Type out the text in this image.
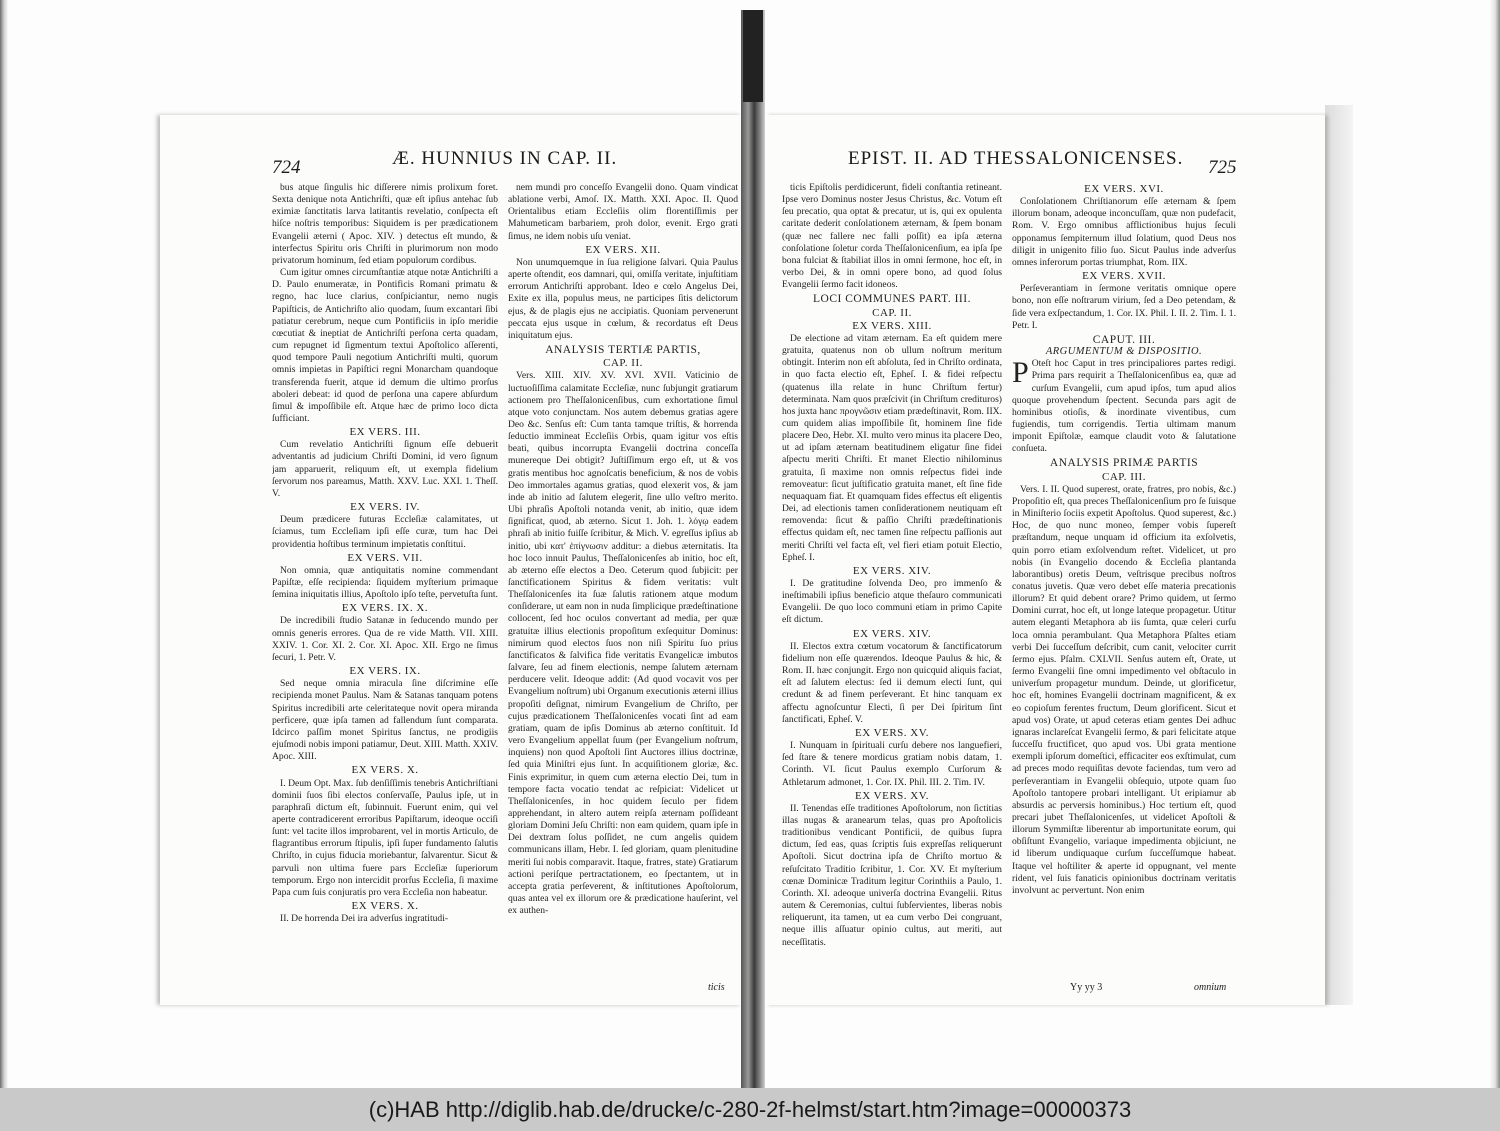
724	Æ. HUNNIUS IN CAP. II.	EPIST. II. AD THESSALONICENSES. 725

bus atque ſingulis hic diſſerere nimis prolixum foret. Sexta denique nota Antichriſti, quæ eſt ipſius antehac ſub eximiæ ſanctitatis larva latitantis revelatio, conſpecta eſt hiſce noſtris temporibus: Siquidem is per prædicationem Evangelii æterni ( Apoc. XIV. ) detectus eſt mundo, & interfectus Spiritu oris Chriſti in plurimorum non modo privatorum hominum, ſed etiam populorum cordibus.

Cum igitur omnes circumſtantiæ atque notæ Antichriſti a D. Paulo enumeratæ, in Pontificis Romani primatu & regno, hac luce clarius, conſpiciantur, nemo nugis Papiſticis, de Antichriſto alio quodam, ſuum excantari ſibi patiatur cerebrum, neque cum Pontificiis in ipſo meridie cœcutiat & ineptiat de Antichriſti perſona certa quadam, cum repugnet id ſigmentum textui Apoſtolico aſſerenti, quod tempore Pauli negotium Antichriſti multi, quorum omnis impietas in Papiſtici regni Monarcham quandoque transferenda fuerit, atque id demum die ultimo prorſus aboleri debeat: id quod de perſona una capere abſurdum ſimul & impoſſibile eſt. Atque hæc de primo loco dicta ſufficiant.

EX VERS. III.

Cum revelatio Antichriſti ſignum eſſe debuerit adventantis ad judicium Chriſti Domini, id vero ſignum jam apparuerit, reliquum eſt, ut exempla fidelium ſervorum nos pareamus, Matth. XXV. Luc. XXI. 1. Theſſ. V.

EX VERS. IV.

Deum prædicere futuras Eccleſiæ calamitates, ut ſciamus, tum Eccleſiam ipſi eſſe curæ, tum hac Dei providentia hoſtibus terminum impietatis conſtitui.

EX VERS. VII.

Non omnia, quæ antiquitatis nomine commendant Papiſtæ, eſſe recipienda: ſiquidem myſterium primaque ſemina iniquitatis illius, Apoſtolo ipſo teſte, pervetuſta ſunt.

EX VERS. IX. X.

De incredibili ſtudio Satanæ in ſeducendo mundo per omnis generis errores. Qua de re vide Matth. VII. XIII. XXIV. 1. Cor. XI. 2. Cor. XI. Apoc. XII. Ergo ne ſimus ſecuri, 1. Petr. V.

EX VERS. IX.

Sed neque omnia miracula ſine diſcrimine eſſe recipienda monet Paulus. Nam & Satanas tanquam potens Spiritus incredibili arte celeritateque novit opera miranda perficere, quæ ipſa tamen ad fallendum ſunt comparata. Idcirco paſſim monet Spiritus ſanctus, ne prodigiis ejuſmodi nobis imponi patiamur, Deut. XIII. Matth. XXIV. Apoc. XIII.

EX VERS. X.

I. Deum Opt. Max. ſub denſiſſimis tenebris Antichriſtiani dominii ſuos ſibi electos conſervaſſe, Paulus ipſe, ut in paraphraſi dictum eſt, ſubinnuit. Fuerunt enim, qui vel aperte contradicerent erroribus Papiſtarum, ideoque occiſi ſunt: vel tacite illos improbarent, vel in mortis Articulo, de flagrantibus errorum ſtipulis, ipſi ſuper fundamento ſalutis Chriſto, in cujus fiducia moriebantur, ſalvarentur. Sicut & parvuli non ultima fuere pars Eccleſiæ ſuperiorum temporum. Ergo non intercidit prorſus Eccleſia, ſi maxime Papa cum ſuis conjuratis pro vera Eccleſia non habeatur.

EX VERS. X.

II. De horrenda Dei ira adverſus ingratitudi-

nem mundi pro conceſſo Evangelii dono. Quam vindicat ablatione verbi, Amoſ. IX. Matth. XXI. Apoc. II. Quod Orientalibus etiam Eccleſiis olim florentiſſimis per Mahumeticam barbariem, proh dolor, evenit. Ergo grati ſimus, ne idem nobis uſu veniat.

EX VERS. XII.

Non unumquemque in ſua religione ſalvari. Quia Paulus aperte oſtendit, eos damnari, qui, omiſſa veritate, injuſtitiam errorum Antichriſti approbant. Ideo e cœlo Angelus Dei, Exite ex illa, populus meus, ne participes ſitis delictorum ejus, & de plagis ejus ne accipiatis. Quoniam pervenerunt peccata ejus usque in cœlum, & recordatus eſt Deus iniquitatum ejus.

ANALYSIS TERTIÆ PARTIS,
CAP. II.

Vers. XIII. XIV. XV. XVI. XVII. Vaticinio de luctuoſiſſima calamitate Eccleſiæ, nunc ſubjungit gratiarum actionem pro Theſſalonicenſibus, cum exhortatione ſimul atque voto conjunctam. Nos autem debemus gratias agere Deo &c. Senſus eſt: Cum tanta tamque triſtis, & horrenda ſeductio immineat Eccleſiis Orbis, quam igitur vos eſtis beati, quibus incorrupta Evangelii doctrina conceſſa munereque Dei obtigit? Juſtiſſimum ergo eſt, ut & vos gratis mentibus hoc agnoſcatis beneficium, & nos de vobis Deo immortales agamus gratias, quod elexerit vos, & jam inde ab initio ad ſalutem elegerit, ſine ullo veſtro merito. Ubi phraſis Apoſtoli notanda venit, ab initio, quæ idem ſignificat, quod, ab æterno. Sicut 1. Joh. 1. λόγῳ eadem phraſi ab initio fuiſſe ſcribitur, & Mich. V. egreſſus ipſius ab initio, ubi κατ' ἐπίγνωσιν additur: a diebus æternitatis. Ita hoc loco innuit Paulus, Theſſalonicenſes ab initio, hoc eſt, ab æterno eſſe electos a Deo. Ceterum quod ſubjicit: per ſanctificationem Spiritus & fidem veritatis: vult Theſſalonicenſes ita ſuæ ſalutis rationem atque modum conſiderare, ut eam non in nuda ſimplicique prædeſtinatione collocent, ſed hoc oculos convertant ad media, per quæ gratuitæ illius electionis propoſitum exſequitur Dominus: nimirum quod electos ſuos non niſi Spiritu ſuo prius ſanctificatos & ſalvifica fide veritatis Evangelicæ imbutos ſalvare, ſeu ad finem electionis, nempe ſalutem æternam perducere velit. Ideoque addit: (Ad quod vocavit vos per Evangelium noſtrum) ubi Organum executionis æterni illius propoſiti deſignat, nimirum Evangelium de Chriſto, per cujus prædicationem Theſſalonicenſes vocati ſint ad eam gratiam, quam de ipſis Dominus ab æterno conſtituit. Id vero Evangelium appellat ſuum (per Evangelium noſtrum, inquiens) non quod Apoſtoli ſint Auctores illius doctrinæ, ſed quia Miniſtri ejus ſunt. In acquiſitionem gloriæ, &c. Finis exprimitur, in quem cum æterna electio Dei, tum in tempore facta vocatio tendat ac reſpiciat: Videlicet ut Theſſalonicenſes, in hoc quidem ſeculo per fidem apprehendant, in altero autem reipſa æternam poſſideant gloriam Domini Jeſu Chriſti: non eam quidem, quam ipſe in Dei dextram ſolus poſſidet, ne cum angelis quidem communicans illam, Hebr. I. ſed gloriam, quam plenitudine meriti ſui nobis comparavit. Itaque, fratres, state) Gratiarum actioni periſque pertractationem, eo ſpectantem, ut in accepta gratia perſeverent, & inſtitutiones Apoſtolorum, quas antea vel ex illorum ore & prædicatione hauſerint, vel ex authen-

ticis Epiſtolis perdidicerunt, fideli conſtantia retineant. Ipse vero Dominus noster Jesus Christus, &c. Votum eſt ſeu precatio, qua optat & precatur, ut is, qui ex opulenta caritate dederit conſolationem æternam, & ſpem bonam (quæ nec fallere nec falli poſſit) ea ipſa æterna conſolatione ſoletur corda Theſſalonicenſium, ea ipſa ſpe bona fulciat & ſtabiliat illos in omni ſermone, hoc eſt, in verbo Dei, & in omni opere bono, ad quod ſolus Evangelii ſermo facit idoneos.

LOCI COMMUNES PART. III.
CAP. II.
EX VERS. XIII.

De electione ad vitam æternam. Ea eſt quidem mere gratuita, quatenus non ob ullum noſtrum meritum obtingit. Interim non eſt abſoluta, ſed in Chriſto ordinata, in quo facta electio eſt, Epheſ. I. & fidei reſpectu (quatenus illa relate in hunc Chriſtum fertur) determinata. Nam quos præſcivit (in Chriſtum credituros) hos juxta hanc προγνῶσιν etiam prædeſtinavit, Rom. IIX. cum quidem alias impoſſibile ſit, hominem ſine fide placere Deo, Hebr. XI. multo vero minus ita placere Deo, ut ad ipſam æternam beatitudinem eligatur ſine fidei aſpectu meriti Chriſti. Et manet Electio nihilominus gratuita, ſi maxime non omnis reſpectus fidei inde removeatur: ſicut juſtificatio gratuita manet, eſt ſine fide nequaquam fiat. Et quamquam fides effectus eſt eligentis Dei, ad electionis tamen conſiderationem neutiquam eſt removenda: ſicut & paſſio Chriſti prædeſtinationis effectus quidam eſt, nec tamen ſine reſpectu paſſionis aut meriti Chriſti vel facta eſt, vel fieri etiam potuit Electio, Epheſ. I.

EX VERS. XIV.

I. De gratitudine ſolvenda Deo, pro immenſo & ineſtimabili ipſius beneficio atque theſauro communicati Evangelii. De quo loco communi etiam in primo Capite eſt dictum.

EX VERS. XIV.

II. Electos extra cœtum vocatorum & ſanctificatorum fidelium non eſſe quærendos. Ideoque Paulus & hic, & Rom. II. hæc conjungit. Ergo non quicquid aliquis faciat, eſt ad ſalutem electus: ſed ii demum electi ſunt, qui credunt & ad finem perſeverant. Et hinc tanquam ex affectu agnoſcuntur Electi, ſi per Dei ſpiritum ſint ſanctificati, Epheſ. V.

EX VERS. XV.

I. Nunquam in ſpirituali curſu debere nos languefieri, ſed ſtare & tenere mordicus gratiam nobis datam, 1. Corinth. VI. ſicut Paulus exemplo Curſorum & Athletarum admonet, 1. Cor. IX. Phil. III. 2. Tim. IV.

EX VERS. XV.

II. Tenendas eſſe traditiones Apoſtolorum, non ſictitias illas nugas & aranearum telas, quas pro Apoſtolicis traditionibus vendicant Pontificii, de quibus ſupra dictum, ſed eas, quas ſcriptis ſuis expreſſas reliquerunt Apoſtoli. Sicut doctrina ipſa de Chriſto mortuo & reſuſcitato Traditio ſcribitur, 1. Cor. XV. Et myſterium cœnæ Dominicæ Traditum legitur Corinthiis a Paulo, 1. Corinth. XI. adeoque univerſa doctrina Evangelii. Ritus autem & Ceremonias, cultui ſubſervientes, liberas nobis reliquerunt, ita tamen, ut ea cum verbo Dei congruant, neque illis aſſuatur opinio cultus, aut meriti, aut neceſſitatis.

EX VERS. XVI.

Conſolationem Chriſtianorum eſſe æternam & ſpem illorum bonam, adeoque inconcuſſam, quæ non pudefacit, Rom. V. Ergo omnibus afflictionibus hujus ſeculi opponamus ſempiternum illud ſolatium, quod Deus nos diligit in unigenito filio ſuo. Sicut Paulus inde adverſus omnes inferorum portas triumphat, Rom. IIX.

EX VERS. XVII.

Perſeverantiam in ſermone veritatis omnique opere bono, non eſſe noſtrarum virium, ſed a Deo petendam, & ſide vera exſpectandum, 1. Cor. IX. Phil. I. II. 2. Tim. I. 1. Petr. I.

CAPUT. III.
ARGUMENTUM & DISPOSITIO.

P Oteſt hoc Caput in tres principaliores partes redigi. Prima pars requirit a Theſſalonicenſibus ea, quæ ad curſum Evangelii, cum apud ipſos, tum apud alios quoque provehendum ſpectent. Secunda pars agit de hominibus otioſis, & inordinate viventibus, cum fugiendis, tum corrigendis. Tertia ultimam manum imponit Epiſtolæ, eamque claudit voto & ſalutatione conſueta.

ANALYSIS PRIMÆ PARTIS
CAP. III.

Vers. I. II. Quod superest, orate, fratres, pro nobis, &c.) Propoſitio eſt, qua preces Theſſalonicenſium pro ſe ſuisque in Miniſterio ſociis expetit Apoſtolus. Quod superest, &c.) Hoc, de quo nunc moneo, ſemper vobis ſupereſt præſtandum, neque unquam id officium ita exſolvetis, quin porro etiam exſolvendum reſtet. Videlicet, ut pro nobis (in Evangelio docendo & Eccleſia plantanda laborantibus) oretis Deum, veſtrisque precibus noſtros conatus juvetis. Quæ vero debet eſſe materia precationis illorum? Et quid debent orare? Primo quidem, ut ſermo Domini currat, hoc eſt, ut longe lateque propagetur. Utitur autem eleganti Metaphora ab iis ſumta, quæ celeri curſu loca omnia perambulant. Qua Metaphora Pſaltes etiam verbi Dei ſucceſſum deſcribit, cum canit, velociter currit ſermo ejus. Pſalm. CXLVII. Senſus autem eſt, Orate, ut ſermo Evangelii ſine omni impedimento vel obſtaculo in univerſum propagetur mundum. Deinde, ut glorificetur, hoc eſt, homines Evangelii doctrinam magnificent, & ex eo copioſum ferentes fructum, Deum glorificent. Sicut et apud vos) Orate, ut apud ceteras etiam gentes Dei adhuc ignaras inclareſcat Evangelii ſermo, & pari felicitate atque ſucceſſu fructificet, quo apud vos. Ubi grata mentione exempli ipſorum domeſtici, efficaciter eos exſtimulat, cum ad preces modo requiſitas devote faciendas, tum vero ad perſeverantiam in Evangelii obſequio, utpote quam ſuo Apoſtolo tantopere probari intelligant. Ut eripiamur ab absurdis ac perversis hominibus.) Hoc tertium eſt, quod precari jubet Theſſalonicenſes, ut videlicet Apoſtoli & illorum Symmiſtæ liberentur ab importunitate eorum, qui obſiſtunt Evangelio, variaque impedimenta objiciunt, ne id liberum undiquaque curſum ſucceſſumque habeat. Itaque vel hoſtiliter & aperte id oppugnant, vel mente rident, vel ſuis fanaticis opinionibus doctrinam veritatis involvunt ac pervertunt. Non enim

ticis	Yy yy 3	omnium
(c)HAB http://diglib.hab.de/drucke/c-280-2f-helmst/start.htm?image=00000373
